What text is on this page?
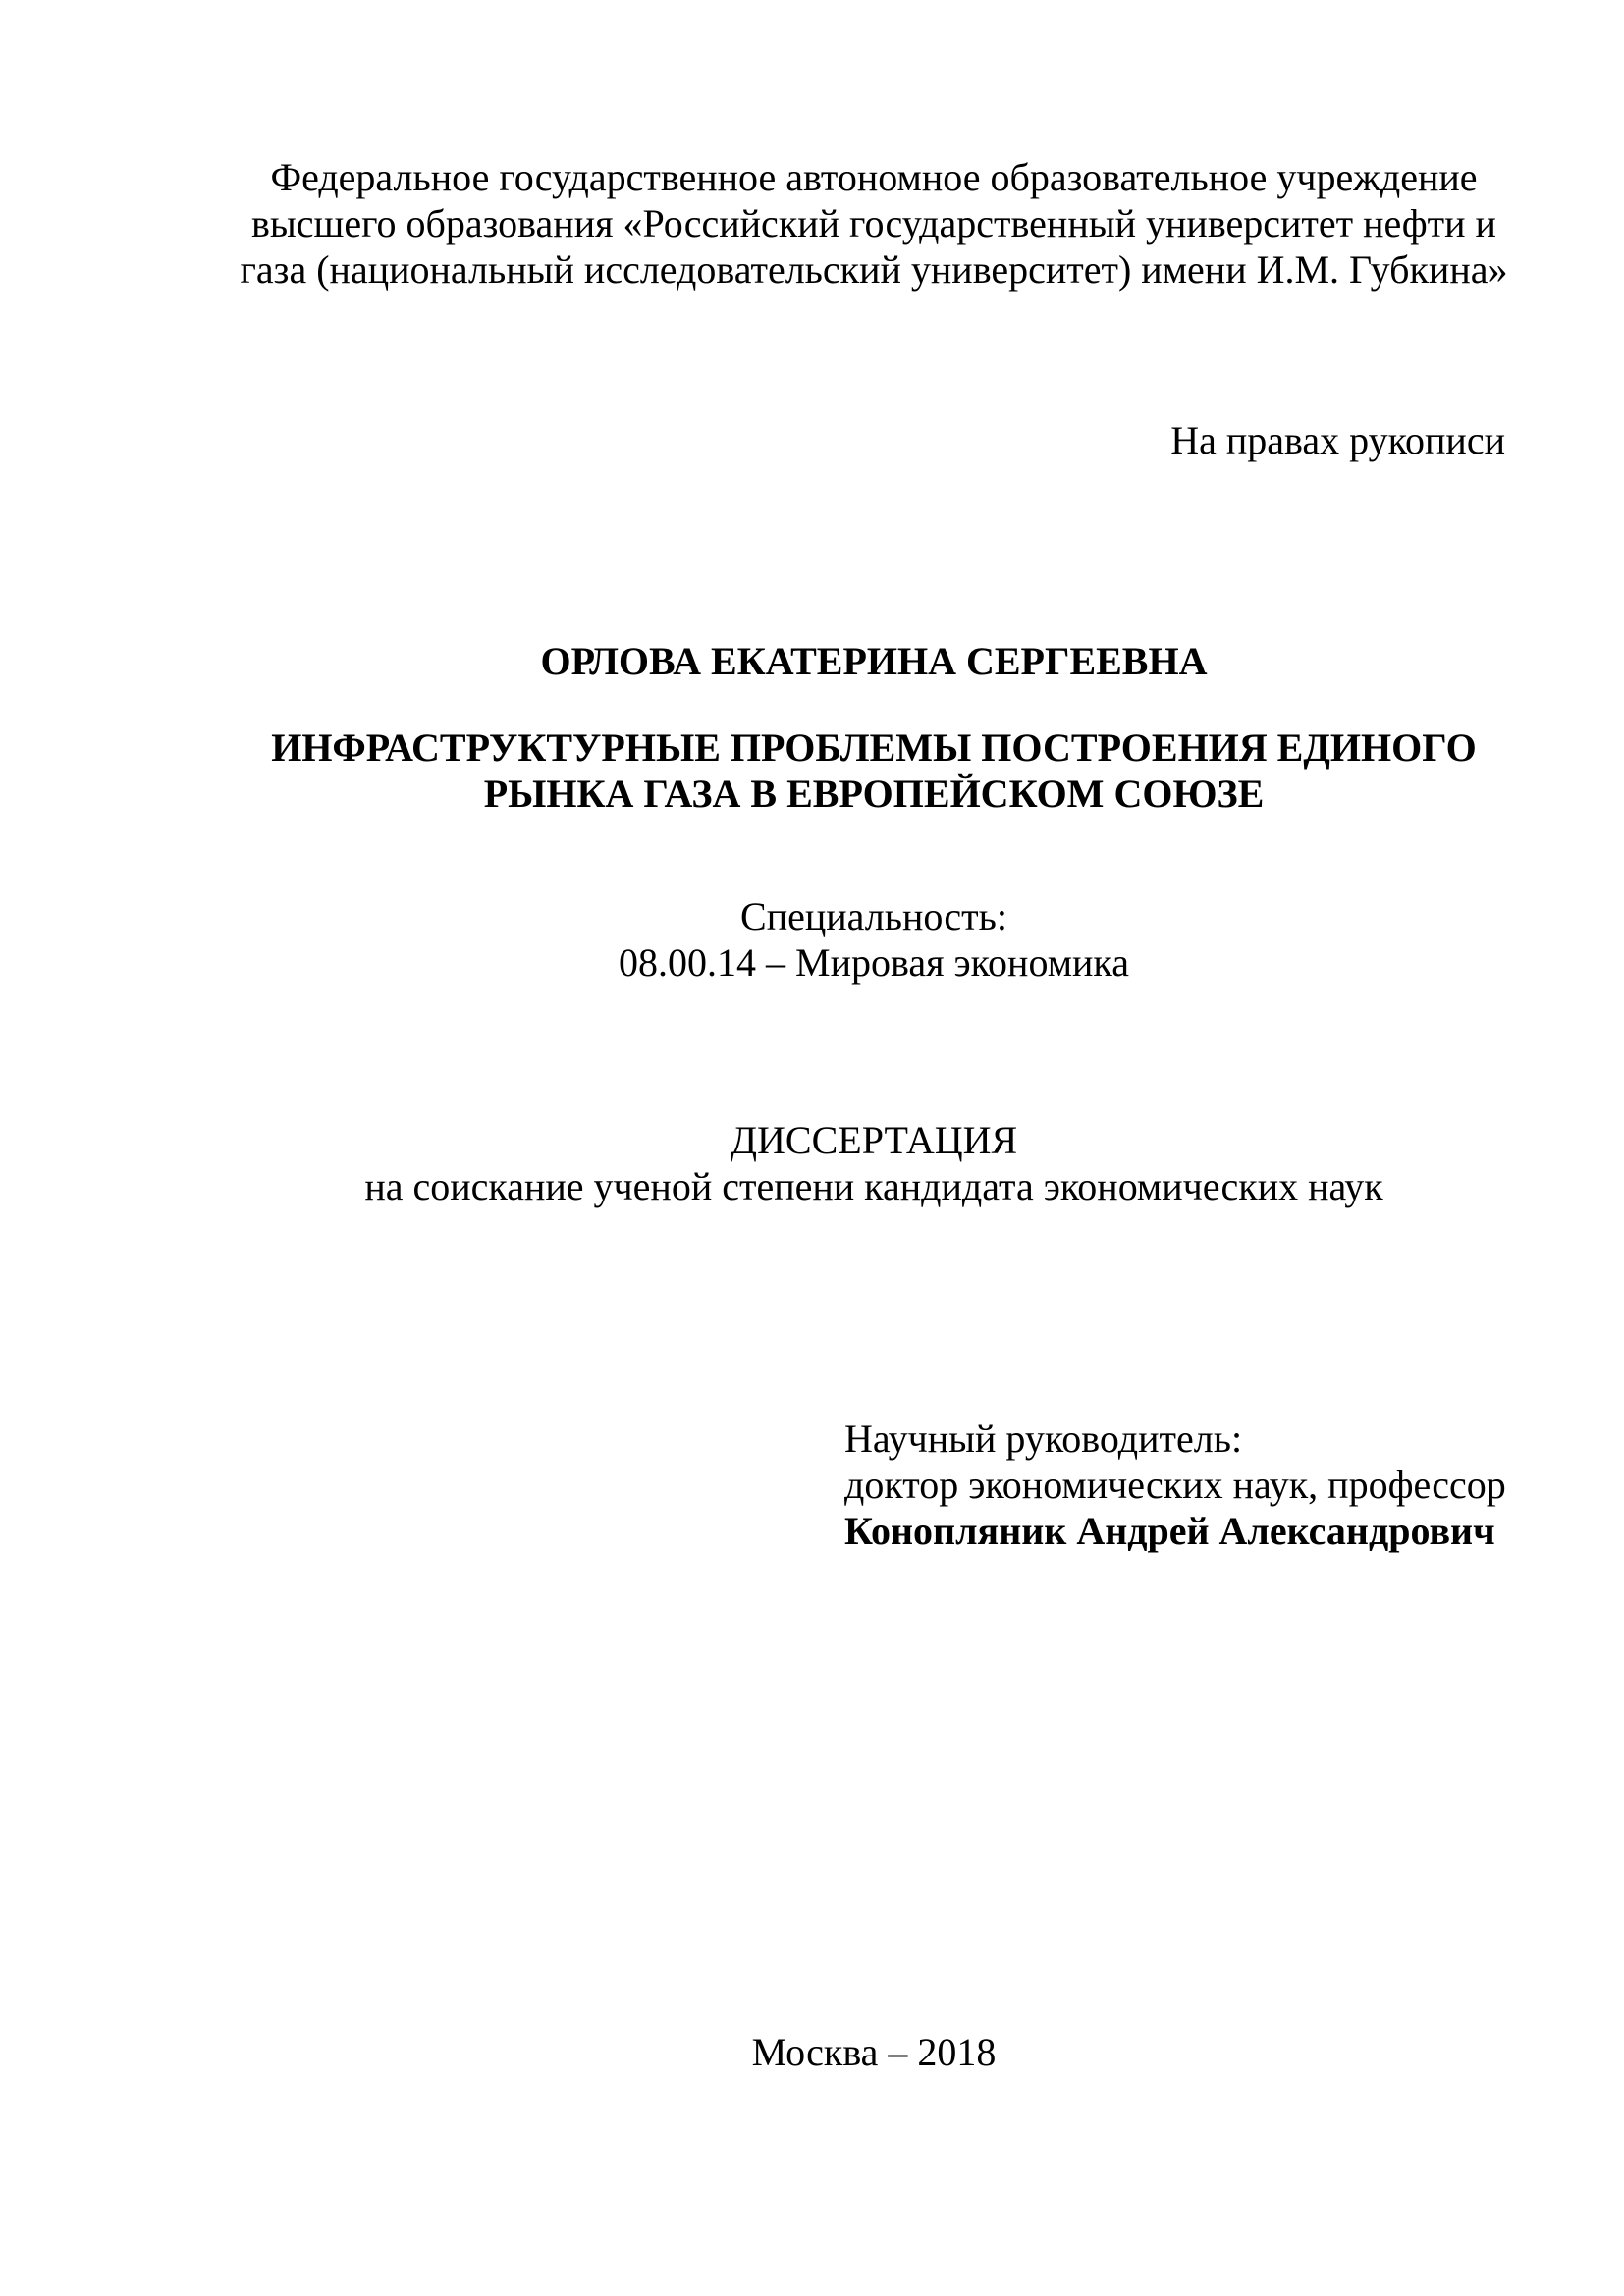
Федеральное государственное автономное образовательное учреждение
высшего образования «Российский государственный университет нефти и
газа (национальный исследовательский университет) имени И.М. Губкина»
На правах рукописи
ОРЛОВА ЕКАТЕРИНА СЕРГЕЕВНА
ИНФРАСТРУКТУРНЫЕ ПРОБЛЕМЫ ПОСТРОЕНИЯ ЕДИНОГО
РЫНКА ГАЗА В ЕВРОПЕЙСКОМ СОЮЗЕ
Специальность:
08.00.14 – Мировая экономика
ДИССЕРТАЦИЯ
на соискание ученой степени кандидата экономических наук
Научный руководитель:
доктор экономических наук, профессор
Конопляник Андрей Александрович
Москва – 2018
